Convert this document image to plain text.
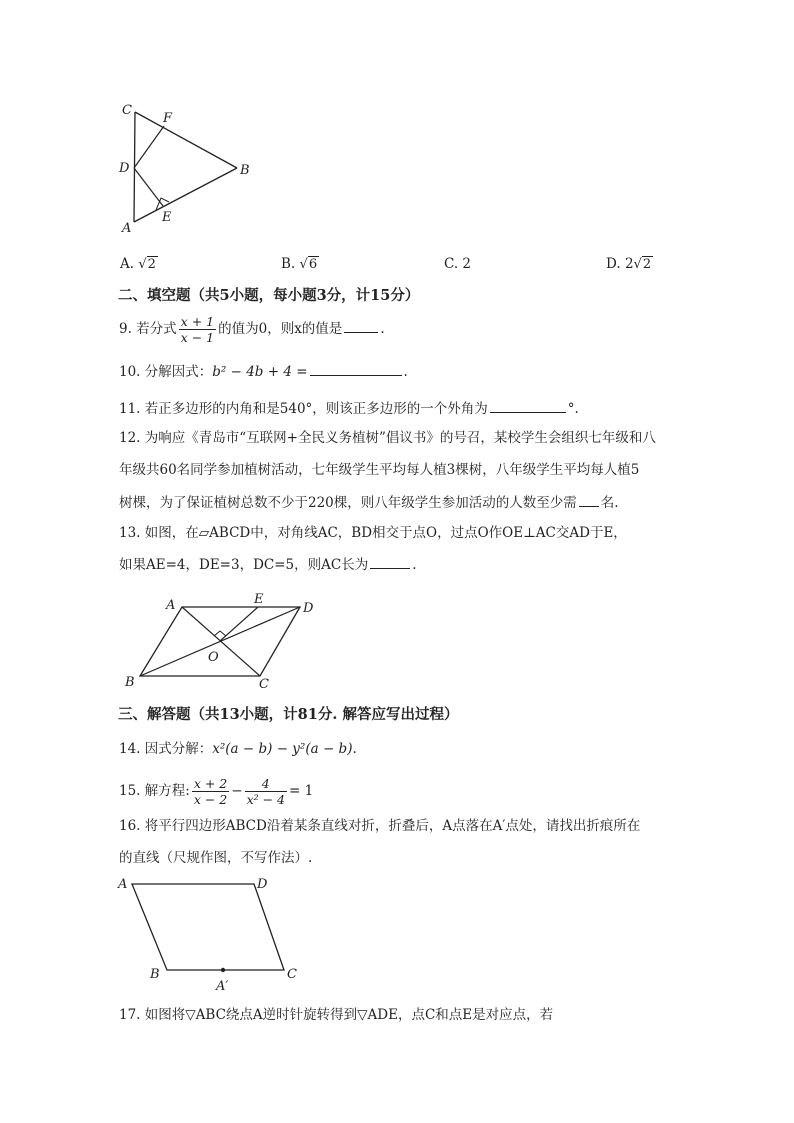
C
F
D	B
E
A
A. √2	B. √6	C. 2	D. 2√2
二、填空题（共5小题，每小题3分，计15分）
9. 若分式 $\frac{x + 1}{x - 1}$ 的值为0，则x的值是	.
10. 分解因式：b² − 4b + 4 =	.
11. 若正多边形的内角和是540°，则该正多边形的一个外角为	°.
12. 为响应《青岛市“互联网+全民义务植树”倡议书》的号召，某校学生会组织七年级和八
年级共60名同学参加植树活动，七年级学生平均每人植3棵树，八年级学生平均每人植5
树棵，为了保证植树总数不少于220棵，则八年级学生参加活动的人数至少需 名.
13. 如图，在▱ABCD中，对角线AC，BD相交于点O，过点O作OE⊥AC交AD于E，
如果AE=4，DE=3，DC=5，则AC长为	.
A	E
D
O
B	C
三、解答题（共13小题，计81分. 解答应写出过程）
14. 因式分解：x²(a − b) − y²(a − b).
15. 解方程: $\frac{x + 2}{x - 2} - \frac{4}{\text{x² − 4}} = 1$
16. 将平行四边形ABCD沿着某条直线对折，折叠后，A点落在A′点处，请找出折痕所在
的直线（尺规作图，不写作法）.
A	D
B	C
A′
17. 如图将▽ABC绕点A逆时针旋转得到▽ADE，点C和点E是对应点，若
